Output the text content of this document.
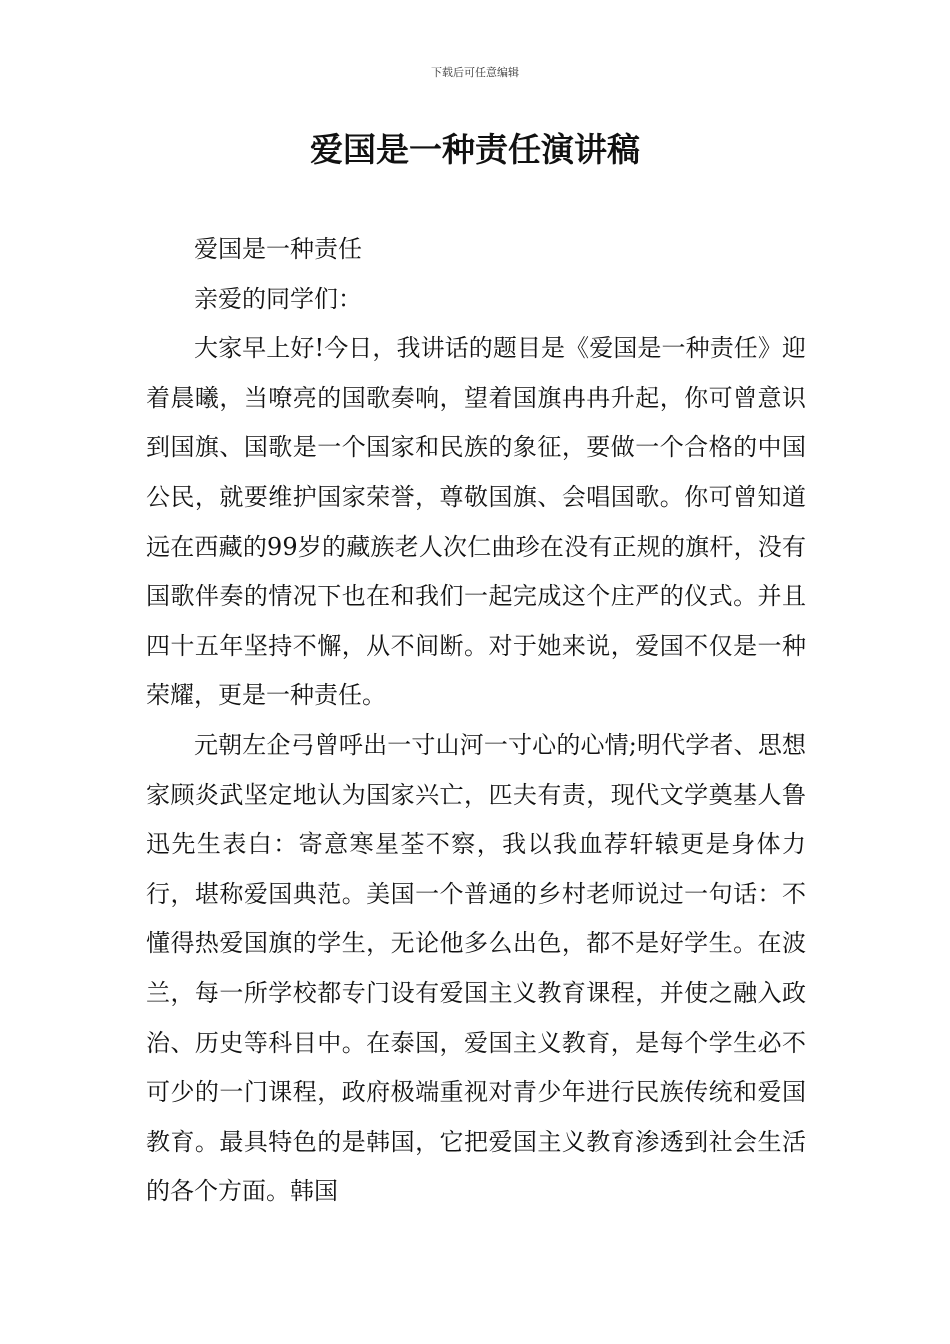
下载后可任意编辑
爱国是一种责任演讲稿

爱国是一种责任

亲爱的同学们：

大家早上好!今日，我讲话的题目是《爱国是一种责任》迎着晨曦，当嘹亮的国歌奏响，望着国旗冉冉升起，你可曾意识到国旗、国歌是一个国家和民族的象征，要做一个合格的中国公民，就要维护国家荣誉，尊敬国旗、会唱国歌。你可曾知道远在西藏的99岁的藏族老人次仁曲珍在没有正规的旗杆，没有国歌伴奏的情况下也在和我们一起完成这个庄严的仪式。并且四十五年坚持不懈，从不间断。对于她来说，爱国不仅是一种荣耀，更是一种责任。

元朝左企弓曾呼出一寸山河一寸心的心情;明代学者、思想家顾炎武坚定地认为国家兴亡，匹夫有责，现代文学奠基人鲁迅先生表白：寄意寒星荃不察，我以我血荐轩辕更是身体力行，堪称爱国典范。美国一个普通的乡村老师说过一句话：不懂得热爱国旗的学生，无论他多么出色，都不是好学生。在波兰，每一所学校都专门设有爱国主义教育课程，并使之融入政治、历史等科目中。在泰国，爱国主义教育，是每个学生必不可少的一门课程，政府极端重视对青少年进行民族传统和爱国教育。最具特色的是韩国，它把爱国主义教育渗透到社会生活的各个方面。韩国
